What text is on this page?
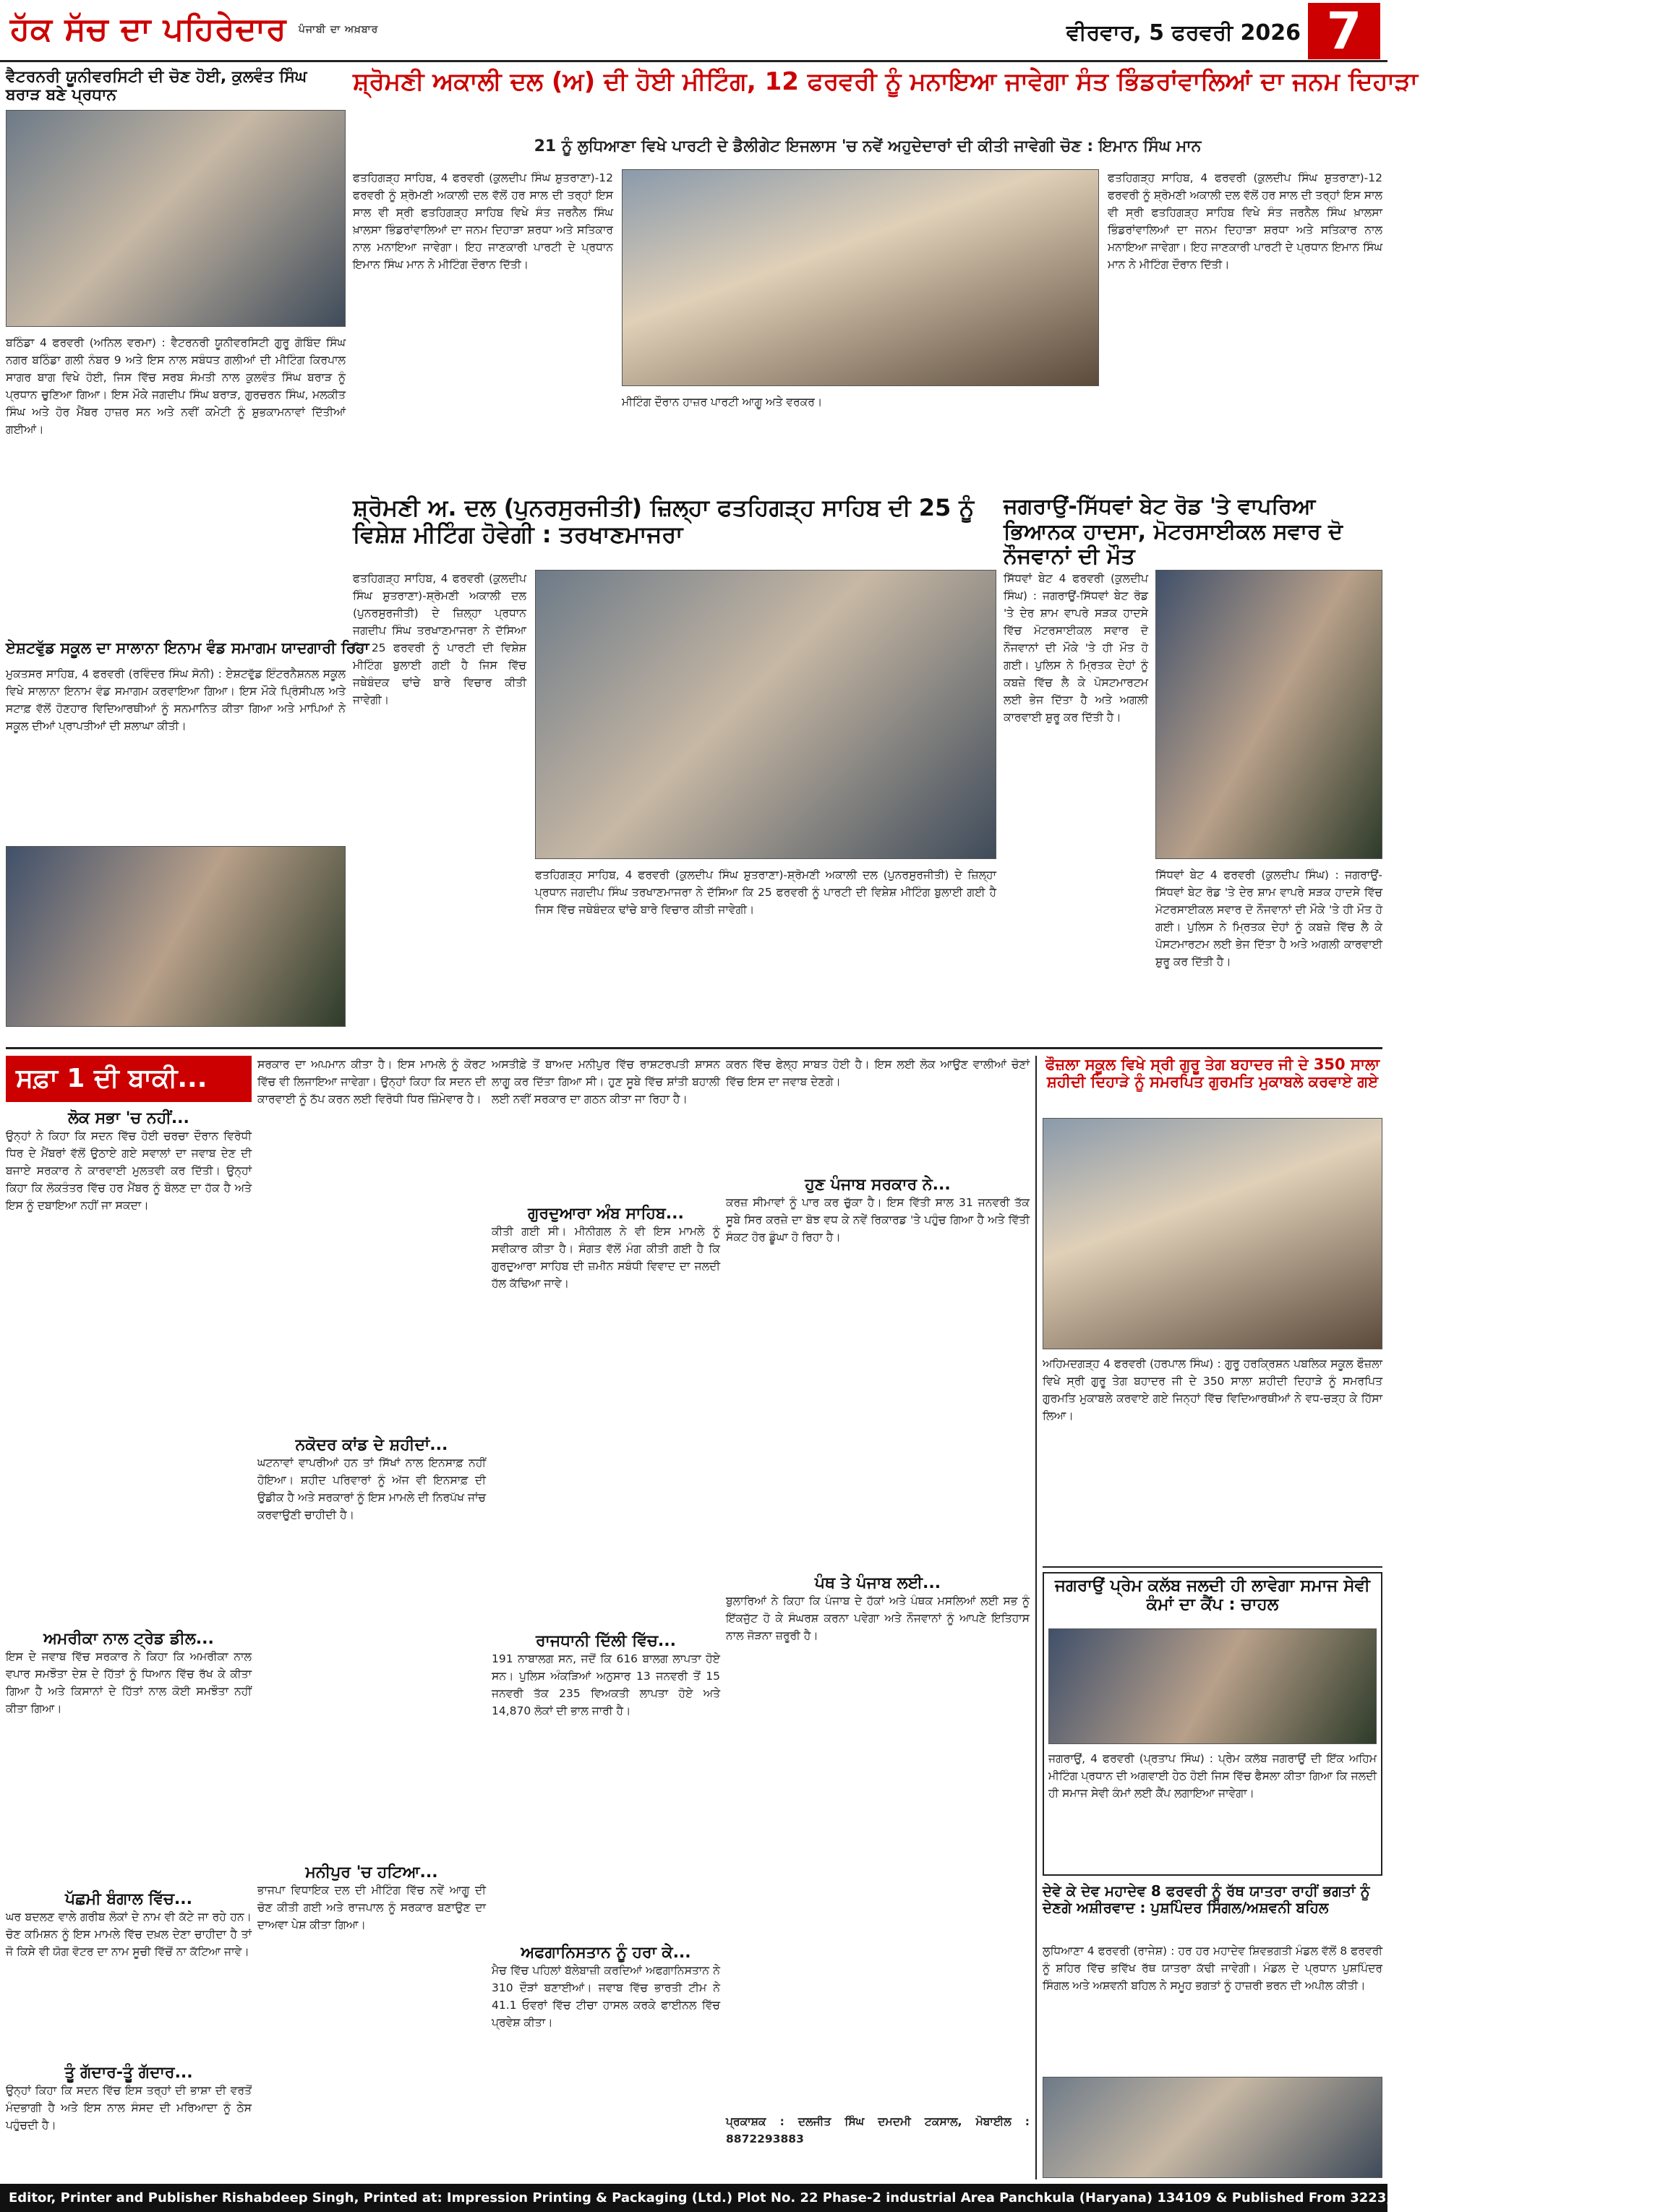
ਹੱਕ ਸੱਚ ਦਾ ਪਹਿਰੇਦਾਰ $^{ਪੰਜਾਬੀ ਦਾ ਅਖ਼ਬਾਰ}$	ਵੀਰਵਾਰ, 5 ਫਰਵਰੀ 2026 7
ਵੈਟਰਨਰੀ ਯੂਨੀਵਰਸਿਟੀ ਦੀ ਚੋਣ ਹੋਈ, ਕੁਲਵੰਤ ਸਿੰਘ ਬਰਾੜ ਬਣੇ ਪ੍ਰਧਾਨ
ਬਠਿੰਡਾ 4 ਫਰਵਰੀ (ਅਨਿਲ ਵਰਮਾ) : ਵੈਟਰਨਰੀ ਯੂਨੀਵਰਸਿਟੀ ਗੁਰੂ ਗੋਬਿੰਦ ਸਿੰਘ ਨਗਰ ਬਠਿੰਡਾ ਗਲੀ ਨੰਬਰ 9 ਅਤੇ ਇਸ ਨਾਲ ਸਬੰਧਤ ਗਲੀਆਂ ਦੀ ਮੀਟਿੰਗ ਕਿਰਪਾਲ ਸਾਗਰ ਬਾਗ ਵਿਖੇ ਹੋਈ, ਜਿਸ ਵਿੱਚ ਸਰਬ ਸੰਮਤੀ ਨਾਲ ਕੁਲਵੰਤ ਸਿੰਘ ਬਰਾੜ ਨੂੰ ਪ੍ਰਧਾਨ ਚੁਣਿਆ ਗਿਆ। ਇਸ ਮੌਕੇ ਜਗਦੀਪ ਸਿੰਘ ਬਰਾੜ, ਗੁਰਚਰਨ ਸਿੰਘ, ਮਲਕੀਤ ਸਿੰਘ ਅਤੇ ਹੋਰ ਮੈਂਬਰ ਹਾਜ਼ਰ ਸਨ ਅਤੇ ਨਵੀਂ ਕਮੇਟੀ ਨੂੰ ਸ਼ੁਭਕਾਮਨਾਵਾਂ ਦਿੱਤੀਆਂ ਗਈਆਂ।
ਸ਼੍ਰੋਮਣੀ ਅਕਾਲੀ ਦਲ (ਅ) ਦੀ ਹੋਈ ਮੀਟਿੰਗ, 12 ਫਰਵਰੀ ਨੂੰ ਮਨਾਇਆ ਜਾਵੇਗਾ ਸੰਤ ਭਿੰਡਰਾਂਵਾਲਿਆਂ ਦਾ ਜਨਮ ਦਿਹਾੜਾ
21 ਨੂੰ ਲੁਧਿਆਣਾ ਵਿਖੇ ਪਾਰਟੀ ਦੇ ਡੈਲੀਗੇਟ ਇਜਲਾਸ 'ਚ ਨਵੇਂ ਅਹੁਦੇਦਾਰਾਂ ਦੀ ਕੀਤੀ ਜਾਵੇਗੀ ਚੋਣ : ਇਮਾਨ ਸਿੰਘ ਮਾਨ
ਫਤਹਿਗੜ੍ਹ ਸਾਹਿਬ, 4 ਫਰਵਰੀ (ਕੁਲਦੀਪ ਸਿੰਘ ਸ਼ੁਤਰਾਣਾ)-12 ਫਰਵਰੀ ਨੂੰ ਸ਼੍ਰੋਮਣੀ ਅਕਾਲੀ ਦਲ ਵੱਲੋਂ ਹਰ ਸਾਲ ਦੀ ਤਰ੍ਹਾਂ ਇਸ ਸਾਲ ਵੀ ਸ੍ਰੀ ਫਤਹਿਗੜ੍ਹ ਸਾਹਿਬ ਵਿਖੇ ਸੰਤ ਜਰਨੈਲ ਸਿੰਘ ਖ਼ਾਲਸਾ ਭਿੰਡਰਾਂਵਾਲਿਆਂ ਦਾ ਜਨਮ ਦਿਹਾੜਾ ਸ਼ਰਧਾ ਅਤੇ ਸਤਿਕਾਰ ਨਾਲ ਮਨਾਇਆ ਜਾਵੇਗਾ। ਇਹ ਜਾਣਕਾਰੀ ਪਾਰਟੀ ਦੇ ਪ੍ਰਧਾਨ ਇਮਾਨ ਸਿੰਘ ਮਾਨ ਨੇ ਮੀਟਿੰਗ ਦੌਰਾਨ ਦਿੱਤੀ।
ਮੀਟਿੰਗ ਦੌਰਾਨ ਹਾਜ਼ਰ ਪਾਰਟੀ ਆਗੂ ਅਤੇ ਵਰਕਰ।
ਫਤਹਿਗੜ੍ਹ ਸਾਹਿਬ, 4 ਫਰਵਰੀ (ਕੁਲਦੀਪ ਸਿੰਘ ਸ਼ੁਤਰਾਣਾ)-12 ਫਰਵਰੀ ਨੂੰ ਸ਼੍ਰੋਮਣੀ ਅਕਾਲੀ ਦਲ ਵੱਲੋਂ ਹਰ ਸਾਲ ਦੀ ਤਰ੍ਹਾਂ ਇਸ ਸਾਲ ਵੀ ਸ੍ਰੀ ਫਤਹਿਗੜ੍ਹ ਸਾਹਿਬ ਵਿਖੇ ਸੰਤ ਜਰਨੈਲ ਸਿੰਘ ਖ਼ਾਲਸਾ ਭਿੰਡਰਾਂਵਾਲਿਆਂ ਦਾ ਜਨਮ ਦਿਹਾੜਾ ਸ਼ਰਧਾ ਅਤੇ ਸਤਿਕਾਰ ਨਾਲ ਮਨਾਇਆ ਜਾਵੇਗਾ। ਇਹ ਜਾਣਕਾਰੀ ਪਾਰਟੀ ਦੇ ਪ੍ਰਧਾਨ ਇਮਾਨ ਸਿੰਘ ਮਾਨ ਨੇ ਮੀਟਿੰਗ ਦੌਰਾਨ ਦਿੱਤੀ।
ਏਸ਼ਟਵੁੱਡ ਸਕੂਲ ਦਾ ਸਾਲਾਨਾ ਇਨਾਮ ਵੰਡ ਸਮਾਗਮ ਯਾਦਗਾਰੀ ਰਿਹਾ
ਮੁਕਤਸਰ ਸਾਹਿਬ, 4 ਫਰਵਰੀ (ਰਵਿੰਦਰ ਸਿੰਘ ਸੋਨੀ) : ਏਸ਼ਟਵੁੱਡ ਇੰਟਰਨੈਸ਼ਨਲ ਸਕੂਲ ਵਿਖੇ ਸਾਲਾਨਾ ਇਨਾਮ ਵੰਡ ਸਮਾਗਮ ਕਰਵਾਇਆ ਗਿਆ। ਇਸ ਮੌਕੇ ਪ੍ਰਿੰਸੀਪਲ ਅਤੇ ਸਟਾਫ਼ ਵੱਲੋਂ ਹੋਣਹਾਰ ਵਿਦਿਆਰਥੀਆਂ ਨੂੰ ਸਨਮਾਨਿਤ ਕੀਤਾ ਗਿਆ ਅਤੇ ਮਾਪਿਆਂ ਨੇ ਸਕੂਲ ਦੀਆਂ ਪ੍ਰਾਪਤੀਆਂ ਦੀ ਸ਼ਲਾਘਾ ਕੀਤੀ।
ਸ਼੍ਰੋਮਣੀ ਅ. ਦਲ (ਪੁਨਰਸੁਰਜੀਤੀ) ਜ਼ਿਲ੍ਹਾ ਫਤਹਿਗੜ੍ਹ ਸਾਹਿਬ ਦੀ 25 ਨੂੰ ਵਿਸ਼ੇਸ਼ ਮੀਟਿੰਗ ਹੋਵੇਗੀ : ਤਰਖਾਣਮਾਜਰਾ
ਫਤਹਿਗੜ੍ਹ ਸਾਹਿਬ, 4 ਫਰਵਰੀ (ਕੁਲਦੀਪ ਸਿੰਘ ਸ਼ੁਤਰਾਣਾ)-ਸ਼੍ਰੋਮਣੀ ਅਕਾਲੀ ਦਲ (ਪੁਨਰਸੁਰਜੀਤੀ) ਦੇ ਜ਼ਿਲ੍ਹਾ ਪ੍ਰਧਾਨ ਜਗਦੀਪ ਸਿੰਘ ਤਰਖਾਣਮਾਜਰਾ ਨੇ ਦੱਸਿਆ ਕਿ 25 ਫਰਵਰੀ ਨੂੰ ਪਾਰਟੀ ਦੀ ਵਿਸ਼ੇਸ਼ ਮੀਟਿੰਗ ਬੁਲਾਈ ਗਈ ਹੈ ਜਿਸ ਵਿੱਚ ਜਥੇਬੰਦਕ ਢਾਂਚੇ ਬਾਰੇ ਵਿਚਾਰ ਕੀਤੀ ਜਾਵੇਗੀ।
ਫਤਹਿਗੜ੍ਹ ਸਾਹਿਬ, 4 ਫਰਵਰੀ (ਕੁਲਦੀਪ ਸਿੰਘ ਸ਼ੁਤਰਾਣਾ)-ਸ਼੍ਰੋਮਣੀ ਅਕਾਲੀ ਦਲ (ਪੁਨਰਸੁਰਜੀਤੀ) ਦੇ ਜ਼ਿਲ੍ਹਾ ਪ੍ਰਧਾਨ ਜਗਦੀਪ ਸਿੰਘ ਤਰਖਾਣਮਾਜਰਾ ਨੇ ਦੱਸਿਆ ਕਿ 25 ਫਰਵਰੀ ਨੂੰ ਪਾਰਟੀ ਦੀ ਵਿਸ਼ੇਸ਼ ਮੀਟਿੰਗ ਬੁਲਾਈ ਗਈ ਹੈ ਜਿਸ ਵਿੱਚ ਜਥੇਬੰਦਕ ਢਾਂਚੇ ਬਾਰੇ ਵਿਚਾਰ ਕੀਤੀ ਜਾਵੇਗੀ।
ਜਗਰਾਉਂ-ਸਿੱਧਵਾਂ ਬੇਟ ਰੋਡ 'ਤੇ ਵਾਪਰਿਆ ਭਿਆਨਕ ਹਾਦਸਾ, ਮੋਟਰਸਾਈਕਲ ਸਵਾਰ ਦੋ ਨੌਜਵਾਨਾਂ ਦੀ ਮੌਤ
ਸਿੱਧਵਾਂ ਬੇਟ 4 ਫਰਵਰੀ (ਕੁਲਦੀਪ ਸਿੰਘ) : ਜਗਰਾਉਂ-ਸਿੱਧਵਾਂ ਬੇਟ ਰੋਡ 'ਤੇ ਦੇਰ ਸ਼ਾਮ ਵਾਪਰੇ ਸੜਕ ਹਾਦਸੇ ਵਿੱਚ ਮੋਟਰਸਾਈਕਲ ਸਵਾਰ ਦੋ ਨੌਜਵਾਨਾਂ ਦੀ ਮੌਕੇ 'ਤੇ ਹੀ ਮੌਤ ਹੋ ਗਈ। ਪੁਲਿਸ ਨੇ ਮ੍ਰਿਤਕ ਦੇਹਾਂ ਨੂੰ ਕਬਜ਼ੇ ਵਿੱਚ ਲੈ ਕੇ ਪੋਸਟਮਾਰਟਮ ਲਈ ਭੇਜ ਦਿੱਤਾ ਹੈ ਅਤੇ ਅਗਲੀ ਕਾਰਵਾਈ ਸ਼ੁਰੂ ਕਰ ਦਿੱਤੀ ਹੈ।
ਸਿੱਧਵਾਂ ਬੇਟ 4 ਫਰਵਰੀ (ਕੁਲਦੀਪ ਸਿੰਘ) : ਜਗਰਾਉਂ-ਸਿੱਧਵਾਂ ਬੇਟ ਰੋਡ 'ਤੇ ਦੇਰ ਸ਼ਾਮ ਵਾਪਰੇ ਸੜਕ ਹਾਦਸੇ ਵਿੱਚ ਮੋਟਰਸਾਈਕਲ ਸਵਾਰ ਦੋ ਨੌਜਵਾਨਾਂ ਦੀ ਮੌਕੇ 'ਤੇ ਹੀ ਮੌਤ ਹੋ ਗਈ। ਪੁਲਿਸ ਨੇ ਮ੍ਰਿਤਕ ਦੇਹਾਂ ਨੂੰ ਕਬਜ਼ੇ ਵਿੱਚ ਲੈ ਕੇ ਪੋਸਟਮਾਰਟਮ ਲਈ ਭੇਜ ਦਿੱਤਾ ਹੈ ਅਤੇ ਅਗਲੀ ਕਾਰਵਾਈ ਸ਼ੁਰੂ ਕਰ ਦਿੱਤੀ ਹੈ।
ਸਫ਼ਾ 1 ਦੀ ਬਾਕੀ...
ਲੋਕ ਸਭਾ 'ਚ ਨਹੀਂ...
ਉਨ੍ਹਾਂ ਨੇ ਕਿਹਾ ਕਿ ਸਦਨ ਵਿੱਚ ਹੋਈ ਚਰਚਾ ਦੌਰਾਨ ਵਿਰੋਧੀ ਧਿਰ ਦੇ ਮੈਂਬਰਾਂ ਵੱਲੋਂ ਉਠਾਏ ਗਏ ਸਵਾਲਾਂ ਦਾ ਜਵਾਬ ਦੇਣ ਦੀ ਬਜਾਏ ਸਰਕਾਰ ਨੇ ਕਾਰਵਾਈ ਮੁਲਤਵੀ ਕਰ ਦਿੱਤੀ। ਉਨ੍ਹਾਂ ਕਿਹਾ ਕਿ ਲੋਕਤੰਤਰ ਵਿੱਚ ਹਰ ਮੈਂਬਰ ਨੂੰ ਬੋਲਣ ਦਾ ਹੱਕ ਹੈ ਅਤੇ ਇਸ ਨੂੰ ਦਬਾਇਆ ਨਹੀਂ ਜਾ ਸਕਦਾ।
ਅਮਰੀਕਾ ਨਾਲ ਟ੍ਰੇਡ ਡੀਲ...
ਇਸ ਦੇ ਜਵਾਬ ਵਿੱਚ ਸਰਕਾਰ ਨੇ ਕਿਹਾ ਕਿ ਅਮਰੀਕਾ ਨਾਲ ਵਪਾਰ ਸਮਝੌਤਾ ਦੇਸ਼ ਦੇ ਹਿੱਤਾਂ ਨੂੰ ਧਿਆਨ ਵਿੱਚ ਰੱਖ ਕੇ ਕੀਤਾ ਗਿਆ ਹੈ ਅਤੇ ਕਿਸਾਨਾਂ ਦੇ ਹਿੱਤਾਂ ਨਾਲ ਕੋਈ ਸਮਝੌਤਾ ਨਹੀਂ ਕੀਤਾ ਗਿਆ।
ਪੱਛਮੀ ਬੰਗਾਲ ਵਿੱਚ...
ਘਰ ਬਦਲਣ ਵਾਲੇ ਗਰੀਬ ਲੋਕਾਂ ਦੇ ਨਾਮ ਵੀ ਕੱਟੇ ਜਾ ਰਹੇ ਹਨ। ਚੋਣ ਕਮਿਸ਼ਨ ਨੂੰ ਇਸ ਮਾਮਲੇ ਵਿੱਚ ਦਖ਼ਲ ਦੇਣਾ ਚਾਹੀਦਾ ਹੈ ਤਾਂ ਜੋ ਕਿਸੇ ਵੀ ਯੋਗ ਵੋਟਰ ਦਾ ਨਾਮ ਸੂਚੀ ਵਿੱਚੋਂ ਨਾ ਕੱਟਿਆ ਜਾਵੇ।
ਤੂੰ ਗੱਦਾਰ-ਤੂੰ ਗੱਦਾਰ...
ਉਨ੍ਹਾਂ ਕਿਹਾ ਕਿ ਸਦਨ ਵਿੱਚ ਇਸ ਤਰ੍ਹਾਂ ਦੀ ਭਾਸ਼ਾ ਦੀ ਵਰਤੋਂ ਮੰਦਭਾਗੀ ਹੈ ਅਤੇ ਇਸ ਨਾਲ ਸੰਸਦ ਦੀ ਮਰਿਆਦਾ ਨੂੰ ਠੇਸ ਪਹੁੰਚਦੀ ਹੈ।
ਸਰਕਾਰ ਦਾ ਅਪਮਾਨ ਕੀਤਾ ਹੈ। ਇਸ ਮਾਮਲੇ ਨੂੰ ਕੋਰਟ ਵਿੱਚ ਵੀ ਲਿਜਾਇਆ ਜਾਵੇਗਾ। ਉਨ੍ਹਾਂ ਕਿਹਾ ਕਿ ਸਦਨ ਦੀ ਕਾਰਵਾਈ ਨੂੰ ਠੱਪ ਕਰਨ ਲਈ ਵਿਰੋਧੀ ਧਿਰ ਜ਼ਿੰਮੇਵਾਰ ਹੈ।
ਨਕੋਦਰ ਕਾਂਡ ਦੇ ਸ਼ਹੀਦਾਂ...
ਘਟਨਾਵਾਂ ਵਾਪਰੀਆਂ ਹਨ ਤਾਂ ਸਿੱਖਾਂ ਨਾਲ ਇਨਸਾਫ਼ ਨਹੀਂ ਹੋਇਆ। ਸ਼ਹੀਦ ਪਰਿਵਾਰਾਂ ਨੂੰ ਅੱਜ ਵੀ ਇਨਸਾਫ਼ ਦੀ ਉਡੀਕ ਹੈ ਅਤੇ ਸਰਕਾਰਾਂ ਨੂੰ ਇਸ ਮਾਮਲੇ ਦੀ ਨਿਰਪੱਖ ਜਾਂਚ ਕਰਵਾਉਣੀ ਚਾਹੀਦੀ ਹੈ।
ਮਨੀਪੁਰ 'ਚ ਹਟਿਆ...
ਭਾਜਪਾ ਵਿਧਾਇਕ ਦਲ ਦੀ ਮੀਟਿੰਗ ਵਿੱਚ ਨਵੇਂ ਆਗੂ ਦੀ ਚੋਣ ਕੀਤੀ ਗਈ ਅਤੇ ਰਾਜਪਾਲ ਨੂੰ ਸਰਕਾਰ ਬਣਾਉਣ ਦਾ ਦਾਅਵਾ ਪੇਸ਼ ਕੀਤਾ ਗਿਆ।
ਅਸਤੀਫ਼ੇ ਤੋਂ ਬਾਅਦ ਮਨੀਪੁਰ ਵਿੱਚ ਰਾਸ਼ਟਰਪਤੀ ਸ਼ਾਸਨ ਲਾਗੂ ਕਰ ਦਿੱਤਾ ਗਿਆ ਸੀ। ਹੁਣ ਸੂਬੇ ਵਿੱਚ ਸ਼ਾਂਤੀ ਬਹਾਲੀ ਲਈ ਨਵੀਂ ਸਰਕਾਰ ਦਾ ਗਠਨ ਕੀਤਾ ਜਾ ਰਿਹਾ ਹੈ।
ਗੁਰਦੁਆਰਾ ਅੰਬ ਸਾਹਿਬ...
ਕੀਤੀ ਗਈ ਸੀ। ਮੀਨੀਗਲ ਨੇ ਵੀ ਇਸ ਮਾਮਲੇ ਨੂੰ ਸਵੀਕਾਰ ਕੀਤਾ ਹੈ। ਸੰਗਤ ਵੱਲੋਂ ਮੰਗ ਕੀਤੀ ਗਈ ਹੈ ਕਿ ਗੁਰਦੁਆਰਾ ਸਾਹਿਬ ਦੀ ਜ਼ਮੀਨ ਸਬੰਧੀ ਵਿਵਾਦ ਦਾ ਜਲਦੀ ਹੱਲ ਕੱਢਿਆ ਜਾਵੇ।
ਰਾਜਧਾਨੀ ਦਿੱਲੀ ਵਿੱਚ...
191 ਨਾਬਾਲਗ ਸਨ, ਜਦੋਂ ਕਿ 616 ਬਾਲਗ ਲਾਪਤਾ ਹੋਏ ਸਨ। ਪੁਲਿਸ ਅੰਕੜਿਆਂ ਅਨੁਸਾਰ 13 ਜਨਵਰੀ ਤੋਂ 15 ਜਨਵਰੀ ਤੱਕ 235 ਵਿਅਕਤੀ ਲਾਪਤਾ ਹੋਏ ਅਤੇ 14,870 ਲੋਕਾਂ ਦੀ ਭਾਲ ਜਾਰੀ ਹੈ।
ਅਫਗਾਨਿਸਤਾਨ ਨੂੰ ਹਰਾ ਕੇ...
ਮੈਚ ਵਿੱਚ ਪਹਿਲਾਂ ਬੱਲੇਬਾਜ਼ੀ ਕਰਦਿਆਂ ਅਫਗਾਨਿਸਤਾਨ ਨੇ 310 ਦੌੜਾਂ ਬਣਾਈਆਂ। ਜਵਾਬ ਵਿੱਚ ਭਾਰਤੀ ਟੀਮ ਨੇ 41.1 ਓਵਰਾਂ ਵਿੱਚ ਟੀਚਾ ਹਾਸਲ ਕਰਕੇ ਫਾਈਨਲ ਵਿੱਚ ਪ੍ਰਵੇਸ਼ ਕੀਤਾ।
ਕਰਨ ਵਿੱਚ ਫੇਲ੍ਹ ਸਾਬਤ ਹੋਈ ਹੈ। ਇਸ ਲਈ ਲੋਕ ਆਉਣ ਵਾਲੀਆਂ ਚੋਣਾਂ ਵਿੱਚ ਇਸ ਦਾ ਜਵਾਬ ਦੇਣਗੇ।
ਹੁਣ ਪੰਜਾਬ ਸਰਕਾਰ ਨੇ...
ਕਰਜ਼ ਸੀਮਾਵਾਂ ਨੂੰ ਪਾਰ ਕਰ ਚੁੱਕਾ ਹੈ। ਇਸ ਵਿੱਤੀ ਸਾਲ 31 ਜਨਵਰੀ ਤੱਕ ਸੂਬੇ ਸਿਰ ਕਰਜ਼ੇ ਦਾ ਬੋਝ ਵਧ ਕੇ ਨਵੇਂ ਰਿਕਾਰਡ 'ਤੇ ਪਹੁੰਚ ਗਿਆ ਹੈ ਅਤੇ ਵਿੱਤੀ ਸੰਕਟ ਹੋਰ ਡੂੰਘਾ ਹੋ ਰਿਹਾ ਹੈ।
ਪੰਥ ਤੇ ਪੰਜਾਬ ਲਈ...
ਬੁਲਾਰਿਆਂ ਨੇ ਕਿਹਾ ਕਿ ਪੰਜਾਬ ਦੇ ਹੱਕਾਂ ਅਤੇ ਪੰਥਕ ਮਸਲਿਆਂ ਲਈ ਸਭ ਨੂੰ ਇੱਕਜੁੱਟ ਹੋ ਕੇ ਸੰਘਰਸ਼ ਕਰਨਾ ਪਵੇਗਾ ਅਤੇ ਨੌਜਵਾਨਾਂ ਨੂੰ ਆਪਣੇ ਇਤਿਹਾਸ ਨਾਲ ਜੋੜਨਾ ਜ਼ਰੂਰੀ ਹੈ।
ਪ੍ਰਕਾਸ਼ਕ : ਦਲਜੀਤ ਸਿੰਘ ਦਮਦਮੀ ਟਕਸਾਲ, ਮੋਬਾਈਲ : 8872293883
ਫੌਜ਼ਲਾ ਸਕੂਲ ਵਿਖੇ ਸ੍ਰੀ ਗੁਰੂ ਤੇਗ ਬਹਾਦਰ ਜੀ ਦੇ 350 ਸਾਲਾ ਸ਼ਹੀਦੀ ਦਿਹਾੜੇ ਨੂੰ ਸਮਰਪਿਤ ਗੁਰਮਤਿ ਮੁਕਾਬਲੇ ਕਰਵਾਏ ਗਏ
ਅਹਿਮਦਗੜ੍ਹ 4 ਫਰਵਰੀ (ਹਰਪਾਲ ਸਿੰਘ) : ਗੁਰੂ ਹਰਕ੍ਰਿਸ਼ਨ ਪਬਲਿਕ ਸਕੂਲ ਫੌਜ਼ਲਾ ਵਿਖੇ ਸ੍ਰੀ ਗੁਰੂ ਤੇਗ ਬਹਾਦਰ ਜੀ ਦੇ 350 ਸਾਲਾ ਸ਼ਹੀਦੀ ਦਿਹਾੜੇ ਨੂੰ ਸਮਰਪਿਤ ਗੁਰਮਤਿ ਮੁਕਾਬਲੇ ਕਰਵਾਏ ਗਏ ਜਿਨ੍ਹਾਂ ਵਿੱਚ ਵਿਦਿਆਰਥੀਆਂ ਨੇ ਵਧ-ਚੜ੍ਹ ਕੇ ਹਿੱਸਾ ਲਿਆ।
ਜਗਰਾਉਂ ਪ੍ਰੇਮ ਕਲੱਬ ਜਲਦੀ ਹੀ ਲਾਵੇਗਾ ਸਮਾਜ ਸੇਵੀ ਕੰਮਾਂ ਦਾ ਕੈਂਪ : ਚਾਹਲ
ਜਗਰਾਉਂ, 4 ਫਰਵਰੀ (ਪ੍ਰਤਾਪ ਸਿੰਘ) : ਪ੍ਰੇਮ ਕਲੱਬ ਜਗਰਾਉਂ ਦੀ ਇੱਕ ਅਹਿਮ ਮੀਟਿੰਗ ਪ੍ਰਧਾਨ ਦੀ ਅਗਵਾਈ ਹੇਠ ਹੋਈ ਜਿਸ ਵਿੱਚ ਫੈਸਲਾ ਕੀਤਾ ਗਿਆ ਕਿ ਜਲਦੀ ਹੀ ਸਮਾਜ ਸੇਵੀ ਕੰਮਾਂ ਲਈ ਕੈਂਪ ਲਗਾਇਆ ਜਾਵੇਗਾ।
ਦੇਵੇ ਕੇ ਦੇਵ ਮਹਾਦੇਵ 8 ਫਰਵਰੀ ਨੂੰ ਰੱਥ ਯਾਤਰਾ ਰਾਹੀਂ ਭਗਤਾਂ ਨੂੰ ਦੇਣਗੇ ਅਸ਼ੀਰਵਾਦ : ਪੁਸ਼ਪਿੰਦਰ ਸਿੰਗਲ/ਅਸ਼ਵਨੀ ਬਹਿਲ
ਲੁਧਿਆਣਾ 4 ਫਰਵਰੀ (ਰਾਜੇਸ਼) : ਹਰ ਹਰ ਮਹਾਦੇਵ ਸ਼ਿਵਭਗਤੀ ਮੰਡਲ ਵੱਲੋਂ 8 ਫਰਵਰੀ ਨੂੰ ਸ਼ਹਿਰ ਵਿੱਚ ਭਵਿੱਖ ਰੱਥ ਯਾਤਰਾ ਕੱਢੀ ਜਾਵੇਗੀ। ਮੰਡਲ ਦੇ ਪ੍ਰਧਾਨ ਪੁਸ਼ਪਿੰਦਰ ਸਿੰਗਲ ਅਤੇ ਅਸ਼ਵਨੀ ਬਹਿਲ ਨੇ ਸਮੂਹ ਭਗਤਾਂ ਨੂੰ ਹਾਜ਼ਰੀ ਭਰਨ ਦੀ ਅਪੀਲ ਕੀਤੀ।
Editor, Printer and Publisher Rishabdeep Singh, Printed at: Impression Printing & Packaging (Ltd.) Plot No. 22 Phase-2 industrial Area Panchkula (Haryana) 134109 & Published From 3223, First Floor, Sector-35D, Chandigarh
